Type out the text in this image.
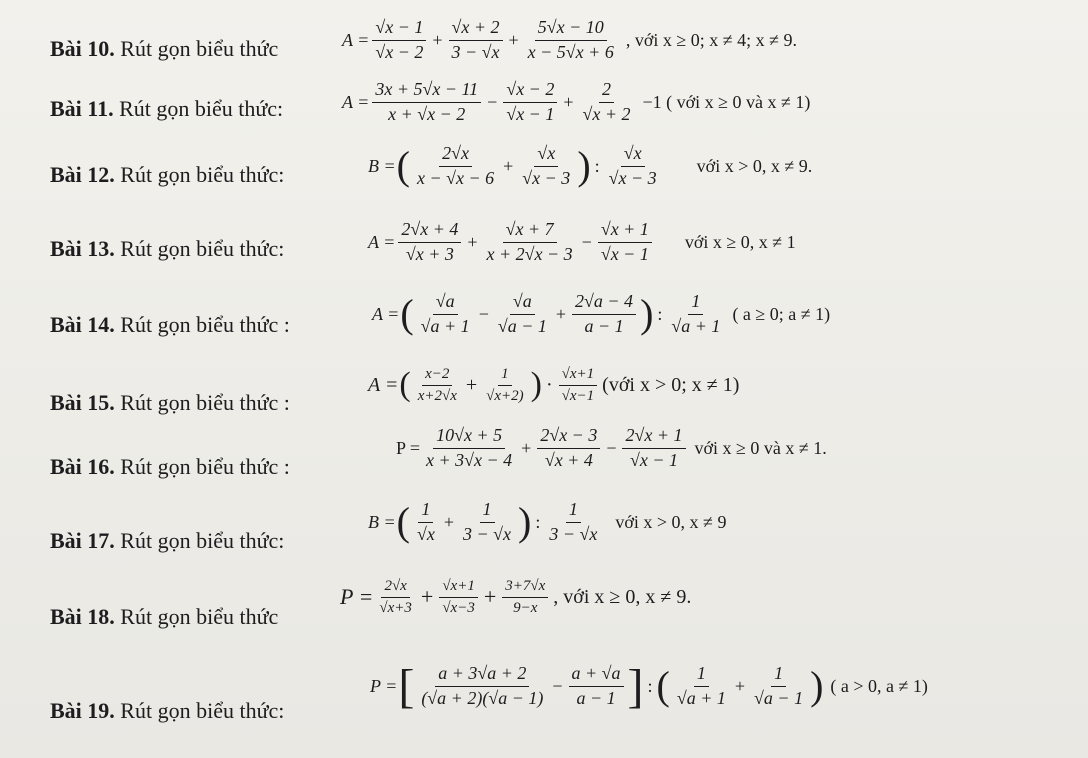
Bài 10. Rút gọn biểu thức	$A = \frac{√x - 1}{√x - 2} + \frac{√x + 2}{3 - √x} + \frac{5√x - 10}{x - 5√x + 6}$ , với x ≥ 0; x ≠ 4; x ≠ 9.
Bài 11. Rút gọn biểu thức:	$A = \frac{3x + 5√x - 11}{x + √x - 2} - \frac{√x - 2}{√x - 1} + \frac{2}{√x + 2} -1$ ( với x ≥ 0 và x ≠ 1)
Bài 12. Rút gọn biểu thức:	B = ( $\frac{2√x}{x - √x - 6} + \frac{√x}{√x - 3}$ ) : $\frac{√x}{√x - 3}$ với x > 0, x ≠ 9.
Bài 13. Rút gọn biểu thức:	$A = \frac{2√x + 4}{√x + 3} + \frac{√x + 7}{x + 2√x - 3} - \frac{√x + 1}{√x - 1}$ với x ≥ 0, x ≠ 1
Bài 14. Rút gọn biểu thức :	A = ( $\frac{√a}{√a + 1} - \frac{√a}{√a - 1} + \frac{2√a - 4}{a - 1}$ ) : $\frac{1}{√a + 1}$ ( a ≥ 0; a ≠ 1)
Bài 15. Rút gọn biểu thức :
A = ( $\frac{x-2}{x+2√x} + \frac{1}{√x+2)}$ ) · $\frac{√x+1}{√x-1}$ (với x > 0; x ≠ 1)
Bài 16. Rút gọn biểu thức :
$P = \frac{10√x + 5}{x + 3√x - 4} + \frac{2√x - 3}{√x + 4} - \frac{2√x + 1}{√x - 1}$ với x ≥ 0 và x ≠ 1.
Bài 17. Rút gọn biểu thức:
B = ( $\frac{1}{√x} + \frac{1}{3 - √x}$ ) : $\frac{1}{3 - √x}$ với x > 0, x ≠ 9
Bài 18. Rút gọn biểu thức
$P = \frac{2√x}{√x+3} + \frac{√x+1}{√x-3} + \frac{3+7√x}{9-x}$ , với x ≥ 0, x ≠ 9.
Bài 19. Rút gọn biểu thức:
P = [ $\frac{a + 3√a + 2}{(√a + 2)(√a - 1)} - \frac{a + √a}{a - 1}$ ] : ( $\frac{1}{√a + 1} + \frac{1}{√a - 1}$ ) ( a > 0, a ≠ 1)
